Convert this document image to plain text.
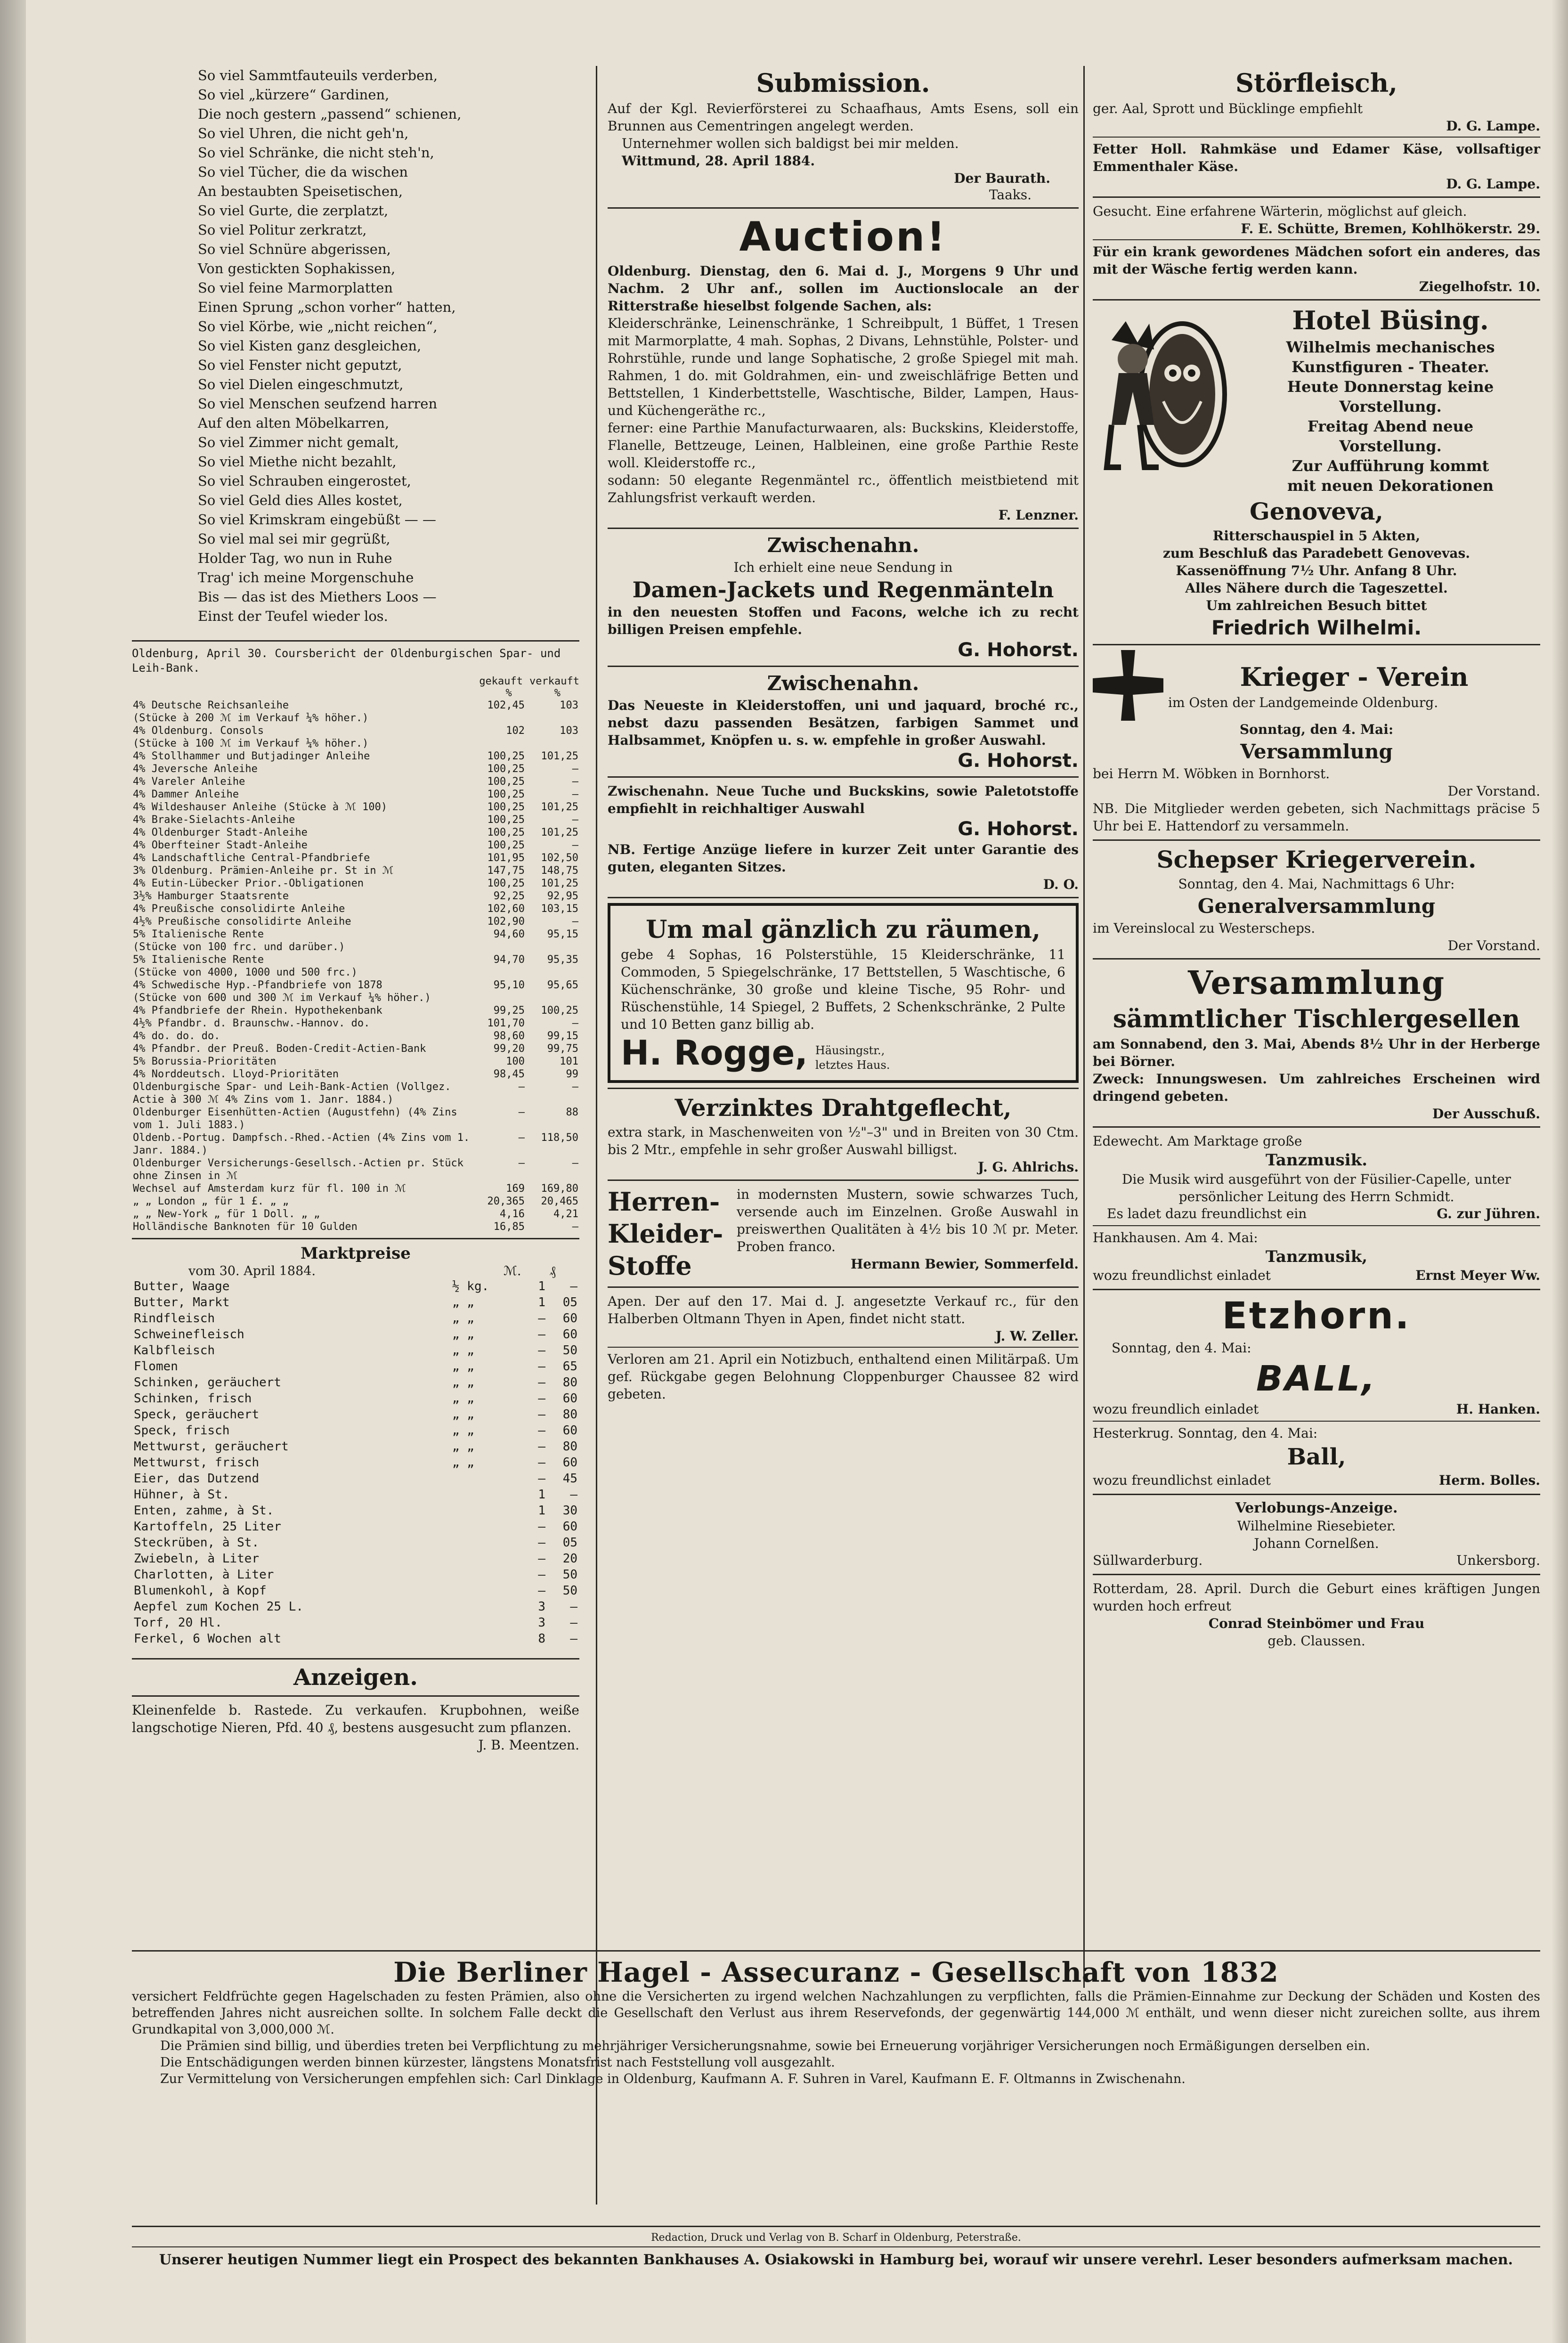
So viel Sammtfauteuils verderben,

So viel „kürzere“ Gardinen,

Die noch gestern „passend“ schienen,

So viel Uhren, die nicht geh'n,

So viel Schränke, die nicht steh'n,

So viel Tücher, die da wischen

An bestaubten Speisetischen,

So viel Gurte, die zerplatzt,

So viel Politur zerkratzt,

So viel Schnüre abgerissen,

Von gestickten Sophakissen,

So viel feine Marmorplatten

Einen Sprung „schon vorher“ hatten,

So viel Körbe, wie „nicht reichen“,

So viel Kisten ganz desgleichen,

So viel Fenster nicht geputzt,

So viel Dielen eingeschmutzt,

So viel Menschen seufzend harren

Auf den alten Möbelkarren,

So viel Zimmer nicht gemalt,

So viel Miethe nicht bezahlt,

So viel Schrauben eingerostet,

So viel Geld dies Alles kostet,

So viel Krimskram eingebüßt — —

So viel mal sei mir gegrüßt,

Holder Tag, wo nun in Ruhe

Trag' ich meine Morgenschuhe

Bis — das ist des Miethers Loos —

Einst der Teufel wieder los.

Oldenburg, April 30. Coursbericht der Oldenburgischen Spar- und Leih-Bank.

gekauft verkauft
%	%
4% Deutsche Reichsanleihe	102,45	103
(Stücke à 200 ℳ im Verkauf ¼% höher.)		
4% Oldenburg. Consols	102	103
(Stücke à 100 ℳ im Verkauf ¼% höher.)		
4% Stollhammer und Butjadinger Anleihe	100,25	101,25
4% Jeversche Anleihe	100,25	—
4% Vareler Anleihe	100,25	—
4% Dammer Anleihe	100,25	—
4% Wildeshauser Anleihe (Stücke à ℳ 100)	100,25	101,25
4% Brake-Sielachts-Anleihe	100,25	—
4% Oldenburger Stadt-Anleihe	100,25	101,25
4% Oberfteiner Stadt-Anleihe	100,25	—
4% Landschaftliche Central-Pfandbriefe	101,95	102,50
3% Oldenburg. Prämien-Anleihe pr. St in ℳ	147,75	148,75
4% Eutin-Lübecker Prior.-Obligationen	100,25	101,25
3½% Hamburger Staatsrente	92,25	92,95
4% Preußische consolidirte Anleihe	102,60	103,15
4½% Preußische consolidirte Anleihe	102,90	—
5% Italienische Rente	94,60	95,15
(Stücke von 100 frc. und darüber.)		
5% Italienische Rente	94,70	95,35
(Stücke von 4000, 1000 und 500 frc.)		
4% Schwedische Hyp.-Pfandbriefe von 1878	95,10	95,65
(Stücke von 600 und 300 ℳ im Verkauf ¼% höher.)		
4% Pfandbriefe der Rhein. Hypothekenbank	99,25	100,25
4½% Pfandbr. d. Braunschw.-Hannov. do.	101,70	—
4% do. do. do.	98,60	99,15
4% Pfandbr. der Preuß. Boden-Credit-Actien-Bank	99,20	99,75
5% Borussia-Prioritäten	100	101
4% Norddeutsch. Lloyd-Prioritäten	98,45	99
Oldenburgische Spar- und Leih-Bank-Actien (Vollgez. Actie à 300 ℳ 4% Zins vom 1. Janr. 1884.)	—	—
Oldenburger Eisenhütten-Actien (Augustfehn) (4% Zins vom 1. Juli 1883.)	—	88
Oldenb.-Portug. Dampfsch.-Rhed.-Actien (4% Zins vom 1. Janr. 1884.)	—	118,50
Oldenburger Versicherungs-Gesellsch.-Actien pr. Stück ohne Zinsen in ℳ	—	—
Wechsel auf Amsterdam kurz für fl. 100 in ℳ	169	169,80
„ „ London „ für 1 £. „ „	20,365	20,465
„ „ New-York „ für 1 Doll. „ „	4,16	4,21
Holländische Banknoten für 10 Gulden	16,85	—
Marktpreise
vom 30. April 1884.	ℳ. ₰
Butter, Waage	½ kg.	1	—
Butter, Markt	„ „	1	05
Rindfleisch	„ „	—	60
Schweinefleisch	„ „	—	60
Kalbfleisch	„ „	—	50
Flomen	„ „	—	65
Schinken, geräuchert	„ „	—	80
Schinken, frisch	„ „	—	60
Speck, geräuchert	„ „	—	80
Speck, frisch	„ „	—	60
Mettwurst, geräuchert	„ „	—	80
Mettwurst, frisch	„ „	—	60
Eier, das Dutzend		—	45
Hühner, à St.		1	—
Enten, zahme, à St.		1	30
Kartoffeln, 25 Liter		—	60
Steckrüben, à St.		—	05
Zwiebeln, à Liter		—	20
Charlotten, à Liter		—	50
Blumenkohl, à Kopf		—	50
Aepfel zum Kochen 25 L.		3	—
Torf, 20 Hl.		3	—
Ferkel, 6 Wochen alt		8	—
Anzeigen.

Kleinenfelde b. Rastede. Zu verkaufen. Krupbohnen, weiße langschotige Nieren, Pfd. 40 ₰, bestens ausgesucht zum pflanzen.

J. B. Meentzen.

Submission.

Auf der Kgl. Revierförsterei zu Schaafhaus, Amts Esens, soll ein Brunnen aus Cementringen angelegt werden.

Unternehmer wollen sich baldigst bei mir melden.

Wittmund, 28. April 1884.

Der Baurath.

Taaks.

Auction!

Oldenburg. Dienstag, den 6. Mai d. J., Morgens 9 Uhr und Nachm. 2 Uhr anf., sollen im Auctionslocale an der Ritterstraße hieselbst folgende Sachen, als:

Kleiderschränke, Leinenschränke, 1 Schreibpult, 1 Büffet, 1 Tresen mit Marmorplatte, 4 mah. Sophas, 2 Divans, Lehnstühle, Polster- und Rohrstühle, runde und lange Sophatische, 2 große Spiegel mit mah. Rahmen, 1 do. mit Goldrahmen, ein- und zweischläfrige Betten und Bettstellen, 1 Kinderbettstelle, Waschtische, Bilder, Lampen, Haus- und Küchengeräthe rc.,

ferner: eine Parthie Manufacturwaaren, als: Buckskins, Kleiderstoffe, Flanelle, Bettzeuge, Leinen, Halbleinen, eine große Parthie Reste woll. Kleiderstoffe rc.,

sodann: 50 elegante Regenmäntel rc., öffentlich meistbietend mit Zahlungsfrist verkauft werden.

F. Lenzner.

Zwischenahn.

Ich erhielt eine neue Sendung in

Damen-Jackets und Regenmänteln

in den neuesten Stoffen und Facons, welche ich zu recht billigen Preisen empfehle.

G. Hohorst.

Zwischenahn.

Das Neueste in Kleiderstoffen, uni und jaquard, broché rc., nebst dazu passenden Besätzen, farbigen Sammet und Halbsammet, Knöpfen u. s. w. empfehle in großer Auswahl.

G. Hohorst.

Zwischenahn. Neue Tuche und Buckskins, sowie Paletotstoffe empfiehlt in reichhaltiger Auswahl

G. Hohorst.

NB. Fertige Anzüge liefere in kurzer Zeit unter Garantie des guten, eleganten Sitzes.

D. O.

Um mal gänzlich zu räumen,

gebe 4 Sophas, 16 Polsterstühle, 15 Kleiderschränke, 11 Commoden, 5 Spiegelschränke, 17 Bettstellen, 5 Waschtische, 6 Küchenschränke, 30 große und kleine Tische, 95 Rohr- und Rüschenstühle, 14 Spiegel, 2 Buffets, 2 Schenkschränke, 2 Pulte und 10 Betten ganz billig ab.

H. Rogge, Häusingstr., letztes Haus.
Verzinktes Drahtgeflecht,

extra stark, in Maschenweiten von ½"–3" und in Breiten von 30 Ctm. bis 2 Mtr., empfehle in sehr großer Auswahl billigst.

J. G. Ahlrichs.

Herren-
Kleider-
Stoffe

in modernsten Mustern, sowie schwarzes Tuch, versende auch im Einzelnen. Große Auswahl in preiswerthen Qualitäten à 4½ bis 10 ℳ pr. Meter. Proben franco.

Hermann Bewier, Sommerfeld.

Apen. Der auf den 17. Mai d. J. angesetzte Verkauf rc., für den Halberben Oltmann Thyen in Apen, findet nicht statt.

J. W. Zeller.

Verloren am 21. April ein Notizbuch, enthaltend einen Militärpaß. Um gef. Rückgabe gegen Belohnung Cloppenburger Chaussee 82 wird gebeten.

Störfleisch,

ger. Aal, Sprott und Bücklinge empfiehlt

D. G. Lampe.

Fetter Holl. Rahmkäse und Edamer Käse, vollsaftiger Emmenthaler Käse.

D. G. Lampe.

Gesucht. Eine erfahrene Wärterin, möglichst auf gleich.

F. E. Schütte, Bremen, Kohlhökerstr. 29.

Für ein krank gewordenes Mädchen sofort ein anderes, das mit der Wäsche fertig werden kann.

Ziegelhofstr. 10.

Hotel Büsing.

Wilhelmis mechanisches

Kunstfiguren - Theater.

Heute Donnerstag keine

Vorstellung.

Freitag Abend neue

Vorstellung.

Zur Aufführung kommt

mit neuen Dekorationen

Genoveva,

Ritterschauspiel in 5 Akten,

zum Beschluß das Paradebett Genovevas.

Kassenöffnung 7½ Uhr. Anfang 8 Uhr.

Alles Nähere durch die Tageszettel.

Um zahlreichen Besuch bittet

Friedrich Wilhelmi.
Krieger - Verein

im Osten der Landgemeinde Oldenburg.

Sonntag, den 4. Mai:

Versammlung

bei Herrn M. Wöbken in Bornhorst.

Der Vorstand.

NB. Die Mitglieder werden gebeten, sich Nachmittags präcise 5 Uhr bei E. Hattendorf zu versammeln.

Schepser Kriegerverein.

Sonntag, den 4. Mai, Nachmittags 6 Uhr:

Generalversammlung

im Vereinslocal zu Westerscheps.

Der Vorstand.

Versammlung
sämmtlicher Tischlergesellen

am Sonnabend, den 3. Mai, Abends 8½ Uhr in der Herberge bei Börner.

Zweck: Innungswesen. Um zahlreiches Erscheinen wird dringend gebeten.

Der Ausschuß.

Edewecht. Am Marktage große

Tanzmusik.

Die Musik wird ausgeführt von der Füsilier-Capelle, unter persönlicher Leitung des Herrn Schmidt.

Es ladet dazu freundlichst ein	G. zur Jühren.

Hankhausen. Am 4. Mai:

Tanzmusik,
wozu freundlichst einladet	Ernst Meyer Ww.
Etzhorn.

Sonntag, den 4. Mai:

BALL,
wozu freundlich einladet	H. Hanken.

Hesterkrug. Sonntag, den 4. Mai:

Ball,
wozu freundlichst einladet	Herm. Bolles.
Verlobungs-Anzeige.

Wilhelmine Riesebieter.

Johann Cornelßen.

Süllwarderburg.	Unkersborg.

Rotterdam, 28. April. Durch die Geburt eines kräftigen Jungen wurden hoch erfreut

Conrad Steinbömer und Frau

geb. Claussen.

Die Berliner Hagel - Assecuranz - Gesellschaft von 1832

versichert Feldfrüchte gegen Hagelschaden zu festen Prämien, also ohne die Versicherten zu irgend welchen Nachzahlungen zu verpflichten, falls die Prämien-Einnahme zur Deckung der Schäden und Kosten des betreffenden Jahres nicht ausreichen sollte. In solchem Falle deckt die Gesellschaft den Verlust aus ihrem Reservefonds, der gegenwärtig 144,000 ℳ enthält, und wenn dieser nicht zureichen sollte, aus ihrem Grundkapital von 3,000,000 ℳ.

Die Prämien sind billig, und überdies treten bei Verpflichtung zu mehrjähriger Versicherungsnahme, sowie bei Erneuerung vorjähriger Versicherungen noch Ermäßigungen derselben ein.

Die Entschädigungen werden binnen kürzester, längstens Monatsfrist nach Feststellung voll ausgezahlt.

Zur Vermittelung von Versicherungen empfehlen sich: Carl Dinklage in Oldenburg, Kaufmann A. F. Suhren in Varel, Kaufmann E. F. Oltmanns in Zwischenahn.

Redaction, Druck und Verlag von B. Scharf in Oldenburg, Peterstraße.

Unserer heutigen Nummer liegt ein Prospect des bekannten Bankhauses A. Osiakowski in Hamburg bei, worauf wir unsere verehrl. Leser besonders aufmerksam machen.
